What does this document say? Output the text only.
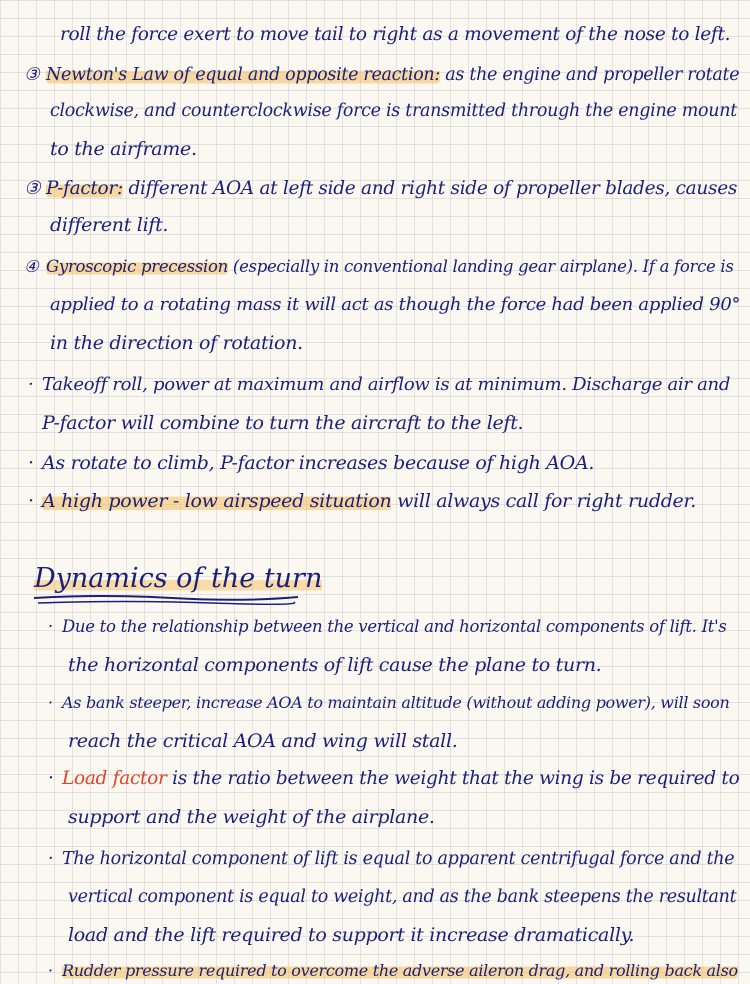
roll the force exert to move tail to right as a movement of the nose to left.
③ Newton's Law of equal and opposite reaction: as the engine and propeller rotate
clockwise, and counterclockwise force is transmitted through the engine mount
to the airframe.
③ P-factor: different AOA at left side and right side of propeller blades, causes
different lift.
④ Gyroscopic precession (especially in conventional landing gear airplane). If a force is
applied to a rotating mass it will act as though the force had been applied 90°
in the direction of rotation.
· Takeoff roll, power at maximum and airflow is at minimum. Discharge air and
P-factor will combine to turn the aircraft to the left.
· As rotate to climb, P-factor increases because of high AOA.
· A high power - low airspeed situation will always call for right rudder.
Dynamics of the turn
· Due to the relationship between the vertical and horizontal components of lift. It's
the horizontal components of lift cause the plane to turn.
· As bank steeper, increase AOA to maintain altitude (without adding power), will soon
reach the critical AOA and wing will stall.
· Load factor is the ratio between the weight that the wing is be required to
support and the weight of the airplane.
· The horizontal component of lift is equal to apparent centrifugal force and the
vertical component is equal to weight, and as the bank steepens the resultant
load and the lift required to support it increase dramatically.
· Rudder pressure required to overcome the adverse aileron drag, and rolling back also
